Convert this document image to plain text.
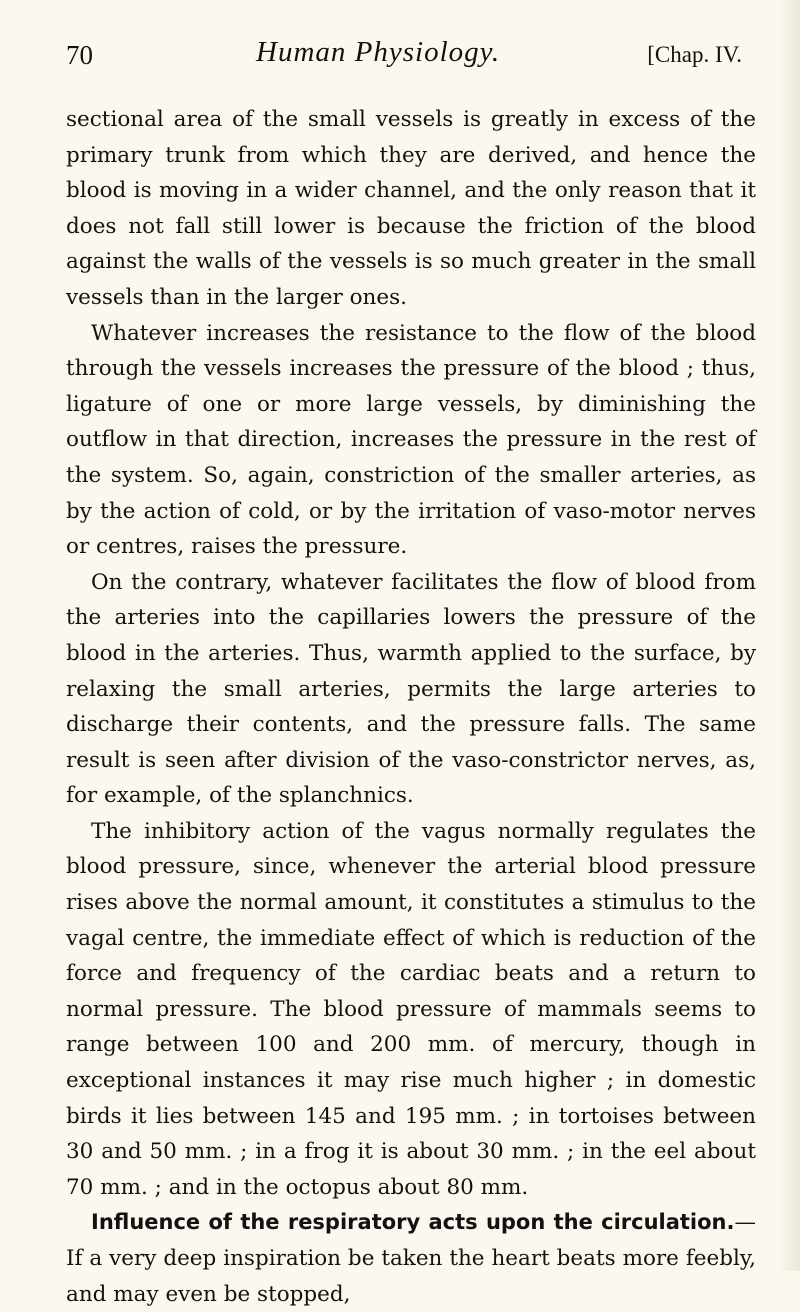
70	Human Physiology.	[Chap. IV.

sectional area of the small vessels is greatly in excess of the primary trunk from which they are derived, and hence the blood is moving in a wider channel, and the only reason that it does not fall still lower is because the friction of the blood against the walls of the vessels is so much greater in the small vessels than in the larger ones.

Whatever increases the resistance to the flow of the blood through the vessels increases the pressure of the blood ; thus, ligature of one or more large vessels, by diminishing the outflow in that direction, increases the pressure in the rest of the system. So, again, constriction of the smaller arteries, as by the action of cold, or by the irritation of vaso-motor nerves or centres, raises the pressure.

On the contrary, whatever facilitates the flow of blood from the arteries into the capillaries lowers the pressure of the blood in the arteries. Thus, warmth applied to the surface, by relaxing the small arteries, permits the large arteries to discharge their contents, and the pressure falls. The same result is seen after division of the vaso-constrictor nerves, as, for example, of the splanchnics.

The inhibitory action of the vagus normally regulates the blood pressure, since, whenever the arterial blood pressure rises above the normal amount, it constitutes a stimulus to the vagal centre, the immediate effect of which is reduction of the force and frequency of the cardiac beats and a return to normal pressure. The blood pressure of mammals seems to range between 100 and 200 mm. of mercury, though in exceptional instances it may rise much higher ; in domestic birds it lies between 145 and 195 mm. ; in tortoises between 30 and 50 mm. ; in a frog it is about 30 mm. ; in the eel about 70 mm. ; and in the octopus about 80 mm.

Influence of the respiratory acts upon the circulation.—If a very deep inspiration be taken the heart beats more feebly, and may even be stopped,
